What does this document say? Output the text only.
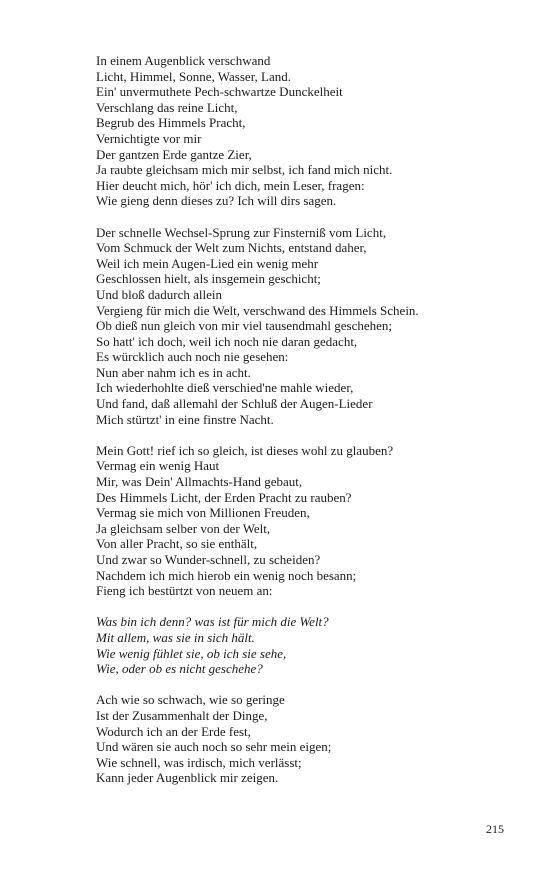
In einem Augenblick verschwand
Licht, Himmel, Sonne, Wasser, Land.
Ein' unvermuthete Pech-schwartze Dunckelheit
Verschlang das reine Licht,
Begrub des Himmels Pracht,
Vernichtigte vor mir
Der gantzen Erde gantze Zier,
Ja raubte gleichsam mich mir selbst, ich fand mich nicht.
Hier deucht mich, hör' ich dich, mein Leser, fragen:
Wie gieng denn dieses zu? Ich will dirs sagen.
Der schnelle Wechsel-Sprung zur Finsterniß vom Licht,
Vom Schmuck der Welt zum Nichts, entstand daher,
Weil ich mein Augen-Lied ein wenig mehr
Geschlossen hielt, als insgemein geschicht;
Und bloß dadurch allein
Vergieng für mich die Welt, verschwand des Himmels Schein.
Ob dieß nun gleich von mir viel tausendmahl geschehen;
So hatt' ich doch, weil ich noch nie daran gedacht,
Es würcklich auch noch nie gesehen:
Nun aber nahm ich es in acht.
Ich wiederhohlte dieß verschied'ne mahle wieder,
Und fand, daß allemahl der Schluß der Augen-Lieder
Mich stürtzt' in eine finstre Nacht.
Mein Gott! rief ich so gleich, ist dieses wohl zu glauben?
Vermag ein wenig Haut
Mir, was Dein' Allmachts-Hand gebaut,
Des Himmels Licht, der Erden Pracht zu rauben?
Vermag sie mich von Millionen Freuden,
Ja gleichsam selber von der Welt,
Von aller Pracht, so sie enthält,
Und zwar so Wunder-schnell, zu scheiden?
Nachdem ich mich hierob ein wenig noch besann;
Fieng ich bestürtzt von neuem an:
Was bin ich denn? was ist für mich die Welt?
Mit allem, was sie in sich hält.
Wie wenig fühlet sie, ob ich sie sehe,
Wie, oder ob es nicht geschehe?
Ach wie so schwach, wie so geringe
Ist der Zusammenhalt der Dinge,
Wodurch ich an der Erde fest,
Und wären sie auch noch so sehr mein eigen;
Wie schnell, was irdisch, mich verlässt;
Kann jeder Augenblick mir zeigen.
215
